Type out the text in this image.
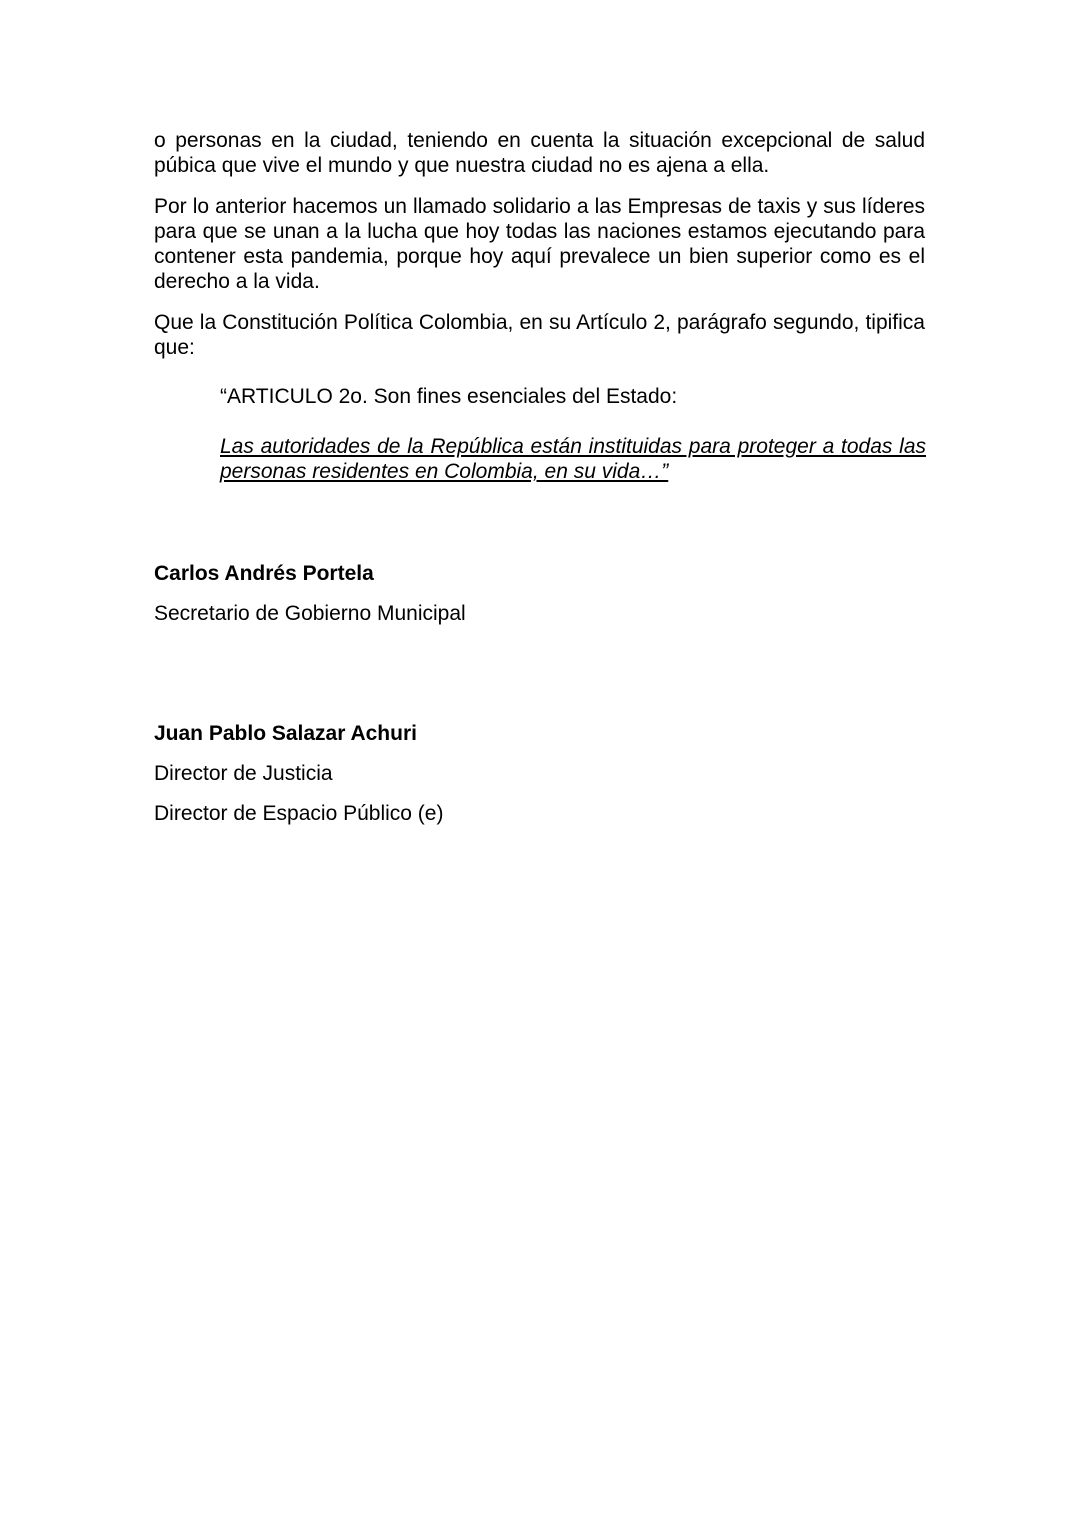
o personas en la ciudad, teniendo en cuenta la situación excepcional de salud púbica que vive el mundo y que nuestra ciudad no es ajena a ella.

Por lo anterior hacemos un llamado solidario a las Empresas de taxis y sus líderes para que se unan a la lucha que hoy todas las naciones estamos ejecutando para contener esta pandemia, porque hoy aquí prevalece un bien superior como es el derecho a la vida.

Que la Constitución Política Colombia, en su Artículo 2, parágrafo segundo, tipifica que:

“ARTICULO 2o. Son fines esenciales del Estado:

Las autoridades de la República están instituidas para proteger a todas las personas residentes en Colombia, en su vida…”

Carlos Andrés Portela

Secretario de Gobierno Municipal

Juan Pablo Salazar Achuri

Director de Justicia

Director de Espacio Público (e)
